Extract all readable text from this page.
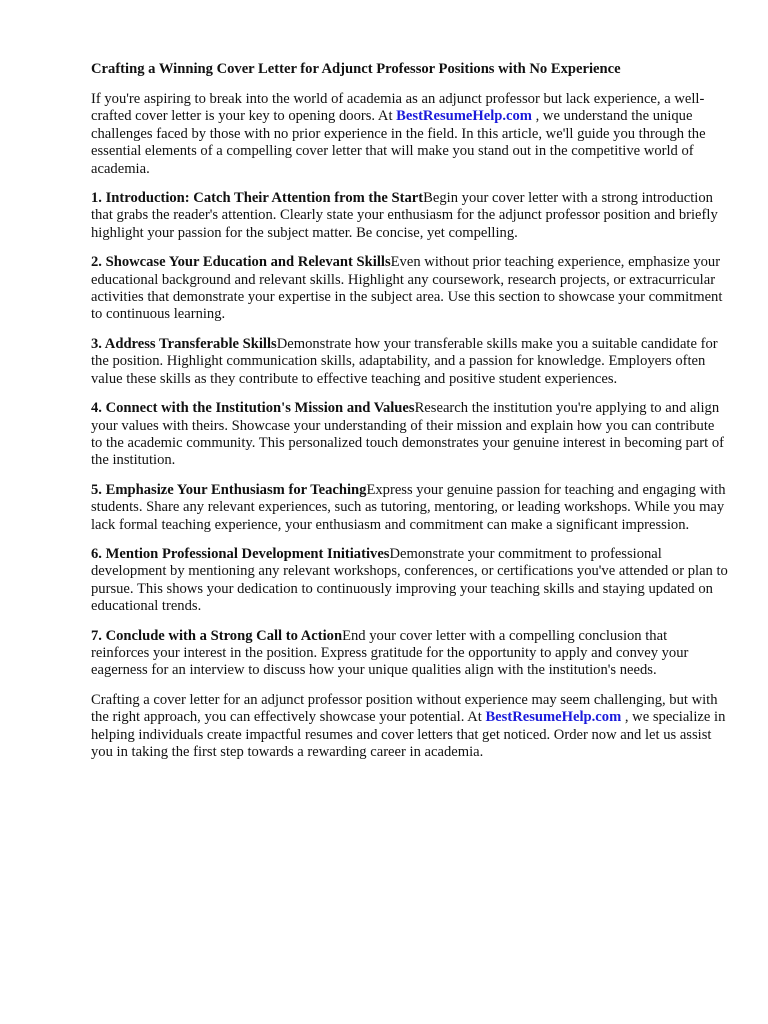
Crafting a Winning Cover Letter for Adjunct Professor Positions with No Experience

If you're aspiring to break into the world of academia as an adjunct professor but lack experience, a well-crafted cover letter is your key to opening doors. At BestResumeHelp.com , we understand the unique challenges faced by those with no prior experience in the field. In this article, we'll guide you through the essential elements of a compelling cover letter that will make you stand out in the competitive world of academia.

1. Introduction: Catch Their Attention from the StartBegin your cover letter with a strong introduction that grabs the reader's attention. Clearly state your enthusiasm for the adjunct professor position and briefly highlight your passion for the subject matter. Be concise, yet compelling.

2. Showcase Your Education and Relevant SkillsEven without prior teaching experience, emphasize your educational background and relevant skills. Highlight any coursework, research projects, or extracurricular activities that demonstrate your expertise in the subject area. Use this section to showcase your commitment to continuous learning.

3. Address Transferable SkillsDemonstrate how your transferable skills make you a suitable candidate for the position. Highlight communication skills, adaptability, and a passion for knowledge. Employers often value these skills as they contribute to effective teaching and positive student experiences.

4. Connect with the Institution's Mission and ValuesResearch the institution you're applying to and align your values with theirs. Showcase your understanding of their mission and explain how you can contribute to the academic community. This personalized touch demonstrates your genuine interest in becoming part of the institution.

5. Emphasize Your Enthusiasm for TeachingExpress your genuine passion for teaching and engaging with students. Share any relevant experiences, such as tutoring, mentoring, or leading workshops. While you may lack formal teaching experience, your enthusiasm and commitment can make a significant impression.

6. Mention Professional Development InitiativesDemonstrate your commitment to professional development by mentioning any relevant workshops, conferences, or certifications you've attended or plan to pursue. This shows your dedication to continuously improving your teaching skills and staying updated on educational trends.

7. Conclude with a Strong Call to ActionEnd your cover letter with a compelling conclusion that reinforces your interest in the position. Express gratitude for the opportunity to apply and convey your eagerness for an interview to discuss how your unique qualities align with the institution's needs.

Crafting a cover letter for an adjunct professor position without experience may seem challenging, but with the right approach, you can effectively showcase your potential. At BestResumeHelp.com , we specialize in helping individuals create impactful resumes and cover letters that get noticed. Order now and let us assist you in taking the first step towards a rewarding career in academia.
